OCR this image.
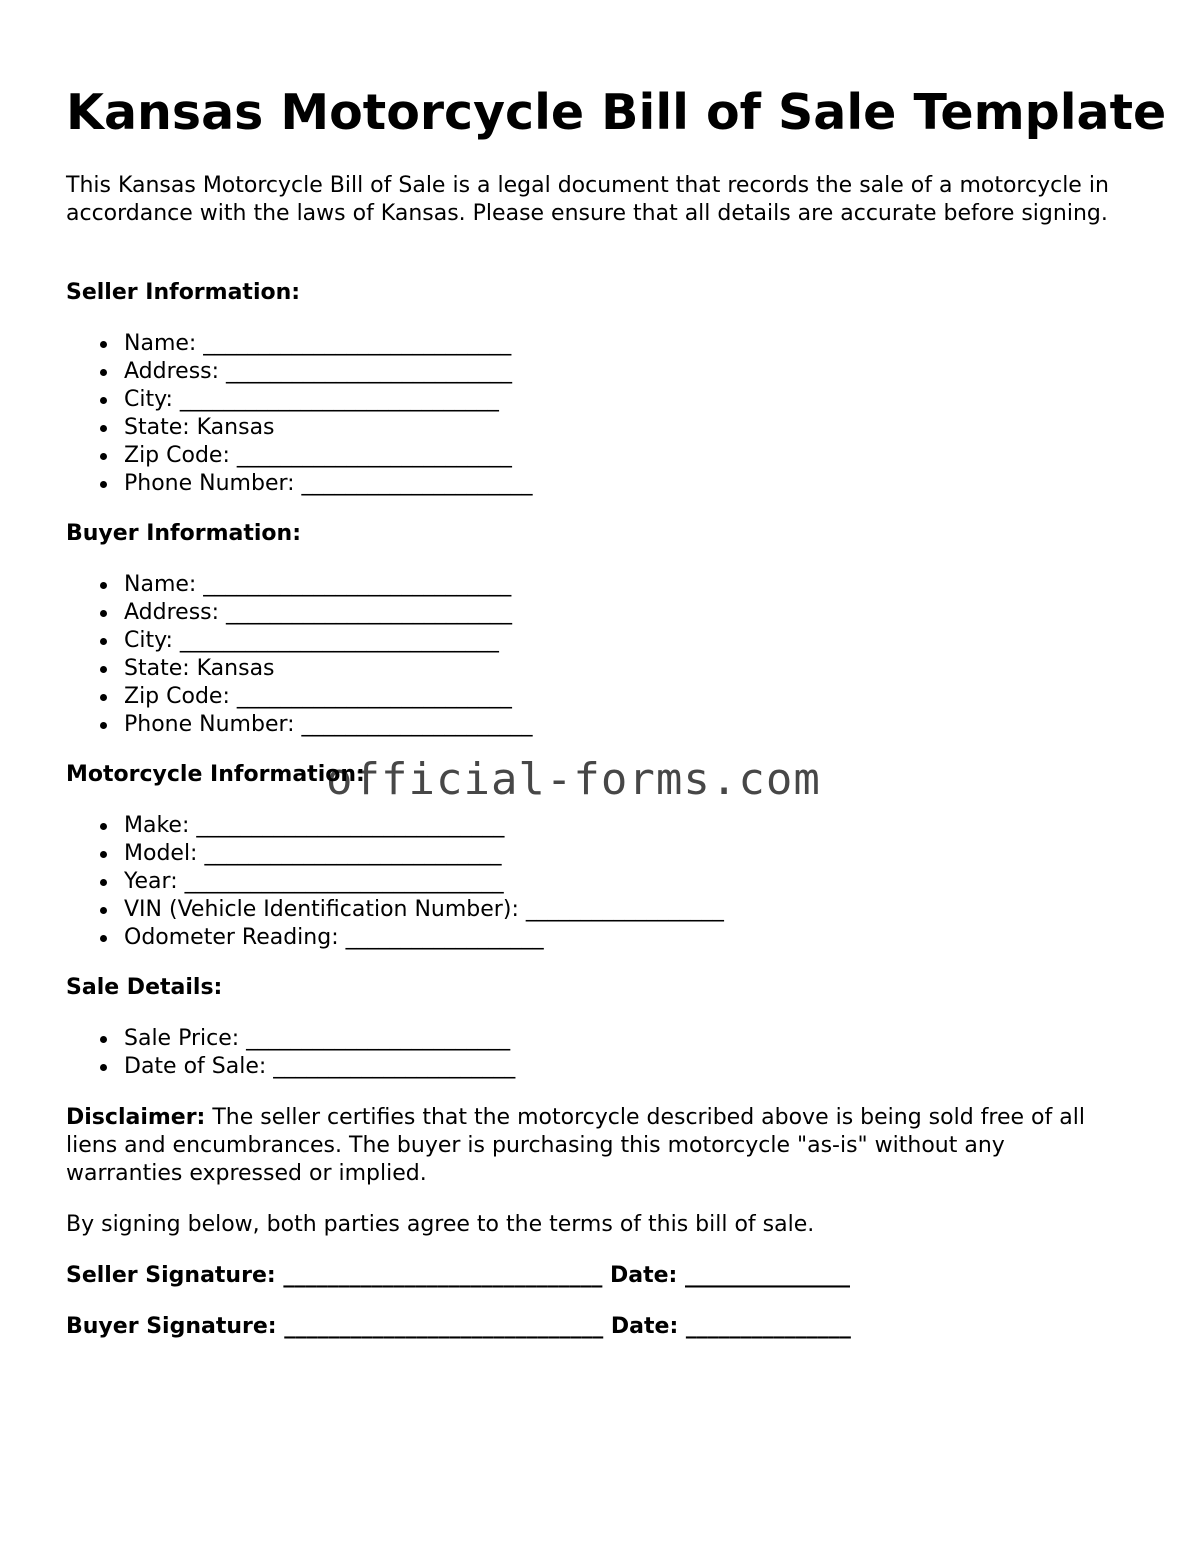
Kansas Motorcycle Bill of Sale Template

This Kansas Motorcycle Bill of Sale is a legal document that records the sale of a motorcycle in accordance with the laws of Kansas. Please ensure that all details are accurate before signing.

Seller Information:

Name: ____________________________
Address: __________________________
City: _____________________________
State: Kansas
Zip Code: _________________________
Phone Number: _____________________

Buyer Information:

Name: ____________________________
Address: __________________________
City: _____________________________
State: Kansas
Zip Code: _________________________
Phone Number: _____________________

Motorcycle Information:

Make: ____________________________
Model: ___________________________
Year: _____________________________
VIN (Vehicle Identification Number): __________________
Odometer Reading: __________________

Sale Details:

Sale Price: ________________________
Date of Sale: ______________________

Disclaimer: The seller certifies that the motorcycle described above is being sold free of all liens and encumbrances. The buyer is purchasing this motorcycle "as-is" without any warranties expressed or implied.

By signing below, both parties agree to the terms of this bill of sale.

Seller Signature: _____________________________ Date: _______________

Buyer Signature: _____________________________ Date: _______________

official-forms.com
